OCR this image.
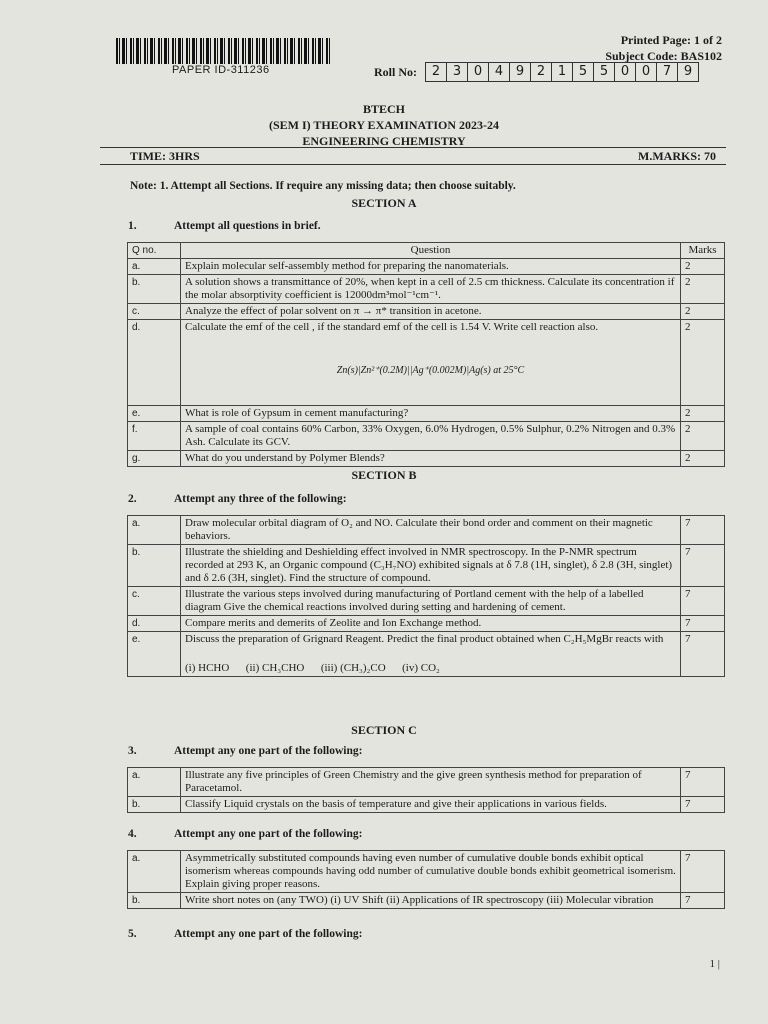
PAPER ID-311236
Printed Page: 1 of 2
Subject Code: BAS102
Roll No:	2 3 0 4 9 2 1 5 5 0 0 7 9
BTECH
(SEM I) THEORY EXAMINATION 2023-24
ENGINEERING CHEMISTRY
TIME: 3HRS	M.MARKS: 70
Note: 1. Attempt all Sections. If require any missing data; then choose suitably.
SECTION A
1.	Attempt all questions in brief.
Q no.	Question	Marks
a.	Explain molecular self-assembly method for preparing the nanomaterials.	2
b.	A solution shows a transmittance of 20%, when kept in a cell of 2.5 cm thickness. Calculate its concentration if the molar absorptivity coefficient is 12000dm³mol⁻¹cm⁻¹.	2
c.	Analyze the effect of polar solvent on π → π* transition in acetone.	2
d.	Calculate the emf of the cell , if the standard emf of the cell is 1.54 V. Write cell reaction also.
Zn(s)|Zn²⁺(0.2M)||Ag⁺(0.002M)|Ag(s) at 25°C	2
e.	What is role of Gypsum in cement manufacturing?	2
f.	A sample of coal contains 60% Carbon, 33% Oxygen, 6.0% Hydrogen, 0.5% Sulphur, 0.2% Nitrogen and 0.3% Ash. Calculate its GCV.	2
g.	What do you understand by Polymer Blends?	2
SECTION B
2.	Attempt any three of the following:
a.	Draw molecular orbital diagram of O₂ and NO. Calculate their bond order and comment on their magnetic behaviors.	7
b.	Illustrate the shielding and Deshielding effect involved in NMR spectroscopy. In the P-NMR spectrum recorded at 293 K, an Organic compound (C₃H₇NO) exhibited signals at δ 7.8 (1H, singlet), δ 2.8 (3H, singlet) and δ 2.6 (3H, singlet). Find the structure of compound.	7
c.	Illustrate the various steps involved during manufacturing of Portland cement with the help of a labelled diagram Give the chemical reactions involved during setting and hardening of cement.	7
d.	Compare merits and demerits of Zeolite and Ion Exchange method.	7
e.	Discuss the preparation of Grignard Reagent. Predict the final product obtained when C₂H₅MgBr reacts with
(i) HCHO      (ii) CH₃CHO      (iii) (CH₃)₂CO      (iv) CO₂	7
SECTION C
3.	Attempt any one part of the following:
a.	Illustrate any five principles of Green Chemistry and the give green synthesis method for preparation of Paracetamol.	7
b.	Classify Liquid crystals on the basis of temperature and give their applications in various fields.	7
4.	Attempt any one part of the following:
a.	Asymmetrically substituted compounds having even number of cumulative double bonds exhibit optical isomerism whereas compounds having odd number of cumulative double bonds exhibit geometrical isomerism. Explain giving proper reasons.	7
b.	Write short notes on (any TWO) (i) UV Shift (ii) Applications of IR spectroscopy (iii) Molecular vibration	7
5.	Attempt any one part of the following:
1 |
